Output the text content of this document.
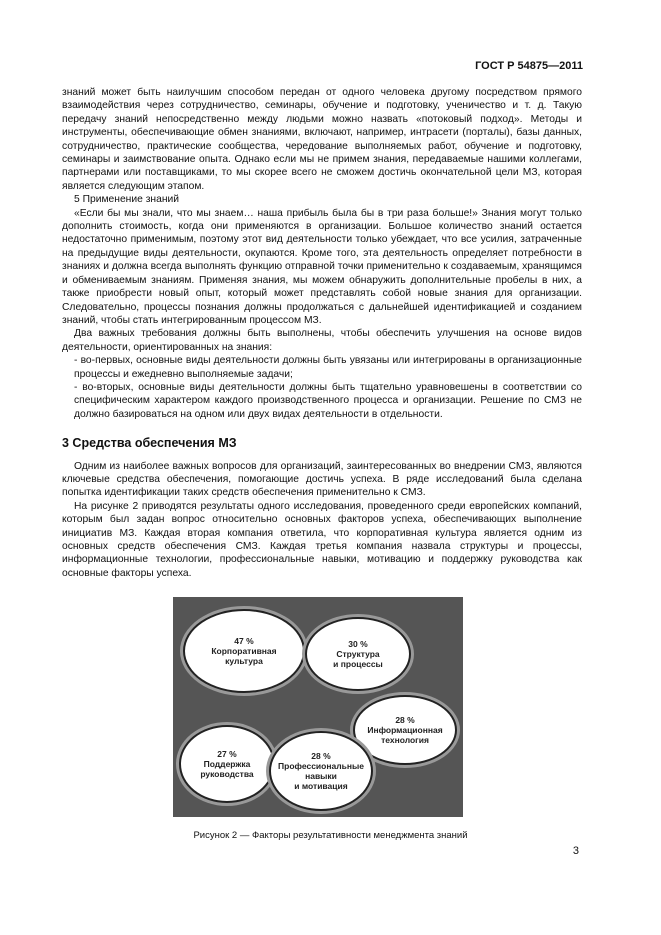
ГОСТ Р 54875—2011

знаний может быть наилучшим способом передан от одного человека другому посредством прямого взаимодействия через сотрудничество, семинары, обучение и подготовку, ученичество и т. д. Такую передачу знаний непосредственно между людьми можно назвать «потоковый подход». Методы и инструменты, обеспечивающие обмен знаниями, включают, например, интрасети (порталы), базы данных, сотрудничество, практические сообщества, чередование выполняемых работ, обучение и подготовку, семинары и заимствование опыта. Однако если мы не примем знания, передаваемые нашими коллегами, партнерами или поставщиками, то мы скорее всего не сможем достичь окончательной цели МЗ, которая является следующим этапом.

5 Применение знаний

«Если бы мы знали, что мы знаем… наша прибыль была бы в три раза больше!» Знания могут только дополнить стоимость, когда они применяются в организации. Большое количество знаний остается недостаточно применимым, поэтому этот вид деятельности только убеждает, что все усилия, затраченные на предыдущие виды деятельности, окупаются. Кроме того, эта деятельность определяет потребности в знаниях и должна всегда выполнять функцию отправной точки применительно к создаваемым, хранящимся и обмениваемым знаниям. Применяя знания, мы можем обнаружить дополнительные пробелы в них, а также приобрести новый опыт, который может представлять собой новые знания для организации. Следовательно, процессы познания должны продолжаться с дальнейшей идентификацией и созданием знаний, чтобы стать интегрированным процессом МЗ.

Два важных требования должны быть выполнены, чтобы обеспечить улучшения на основе видов деятельности, ориентированных на знания:

- во-первых, основные виды деятельности должны быть увязаны или интегрированы в организационные процессы и ежедневно выполняемые задачи;

- во-вторых, основные виды деятельности должны быть тщательно уравновешены в соответствии со специфическим характером каждого производственного процесса и организации. Решение по СМЗ не должно базироваться на одном или двух видах деятельности в отдельности.

3 Средства обеспечения МЗ

Одним из наиболее важных вопросов для организаций, заинтересованных во внедрении СМЗ, являются ключевые средства обеспечения, помогающие достичь успеха. В ряде исследований была сделана попытка идентификации таких средств обеспечения применительно к СМЗ.

На рисунке 2 приводятся результаты одного исследования, проведенного среди европейских компаний, которым был задан вопрос относительно основных факторов успеха, обеспечивающих выполнение инициатив МЗ. Каждая вторая компания ответила, что корпоративная культура является одним из основных средств обеспечения СМЗ. Каждая третья компания назвала структуры и процессы, информационные технологии, профессиональные навыки, мотивацию и поддержку руководства как основные факторы успеха.

47 %
Корпоративная
культура
30 %
Структура
и процессы
28 %
Информационная
технология
27 %
Поддержка
руководства
28 %
Профессиональные
навыки
и мотивация
Рисунок 2 — Факторы результативности менеджмента знаний
3
